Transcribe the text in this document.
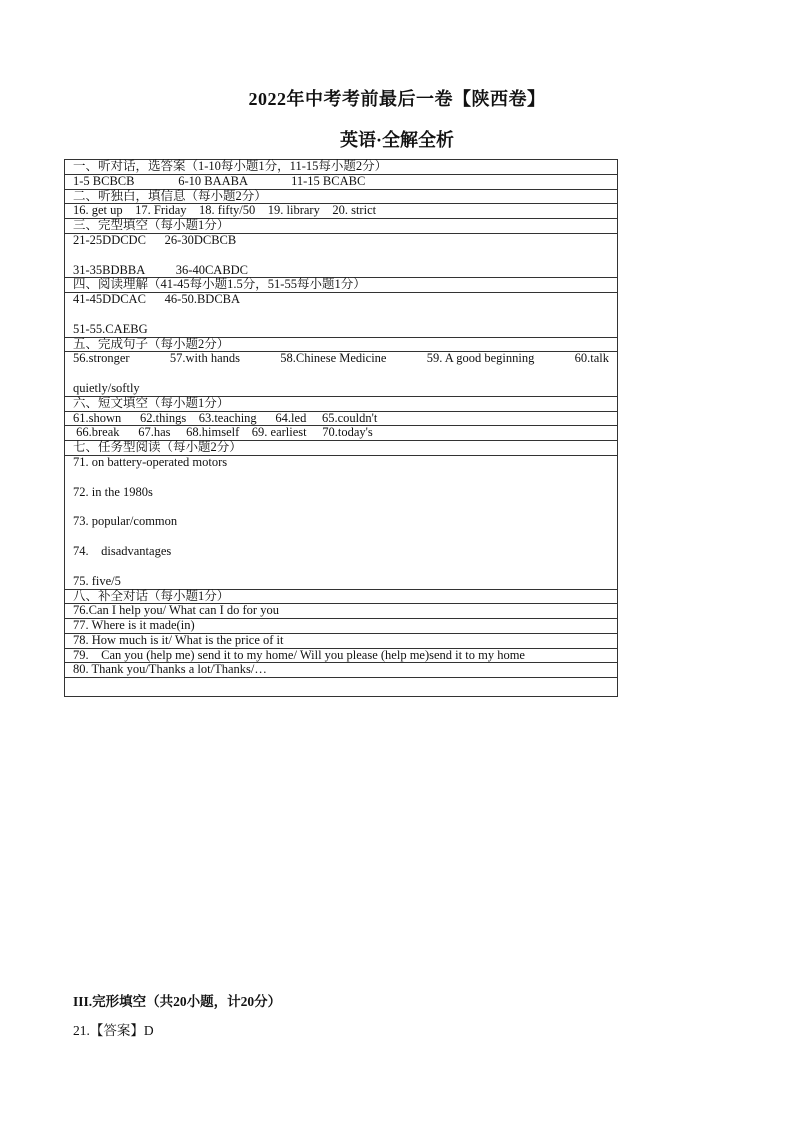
2022年中考考前最后一卷【陕西卷】
英语·全解全析
一、听对话，选答案（1-10每小题1分，11-15每小题2分）

1-5 BCBCB              6-10 BAABA              11-15 BCABC

二、听独白，填信息（每小题2分）

16. get up    17. Friday    18. fifty/50    19. library    20. strict

三、完型填空（每小题1分）

21-25DDCDC      26-30DCBCB
31-35BDBBA          36-40CABDC

四、阅读理解（41-45每小题1.5分，51-55每小题1分）

41-45DDCAC      46-50.BDCBA
51-55.CAEBG

五、完成句子（每小题2分）

56.stronger	57.with hands	58.Chinese Medicine	59. A good beginning	60.talk
quietly/softly

六、短文填空（每小题1分）

61.shown      62.things    63.teaching      64.led     65.couldn't

66.break      67.has     68.himself    69. earliest     70.today's

七、任务型阅读（每小题2分）

71. on battery-operated motors
72. in the 1980s
73. popular/common
74.    disadvantages
75. five/5

八、补全对话（每小题1分）

76.Can I help you/ What can I do for you

77. Where is it made(in)

78. How much is it/ What is the price of it

79.    Can you (help me) send it to my home/ Will you please (help me)send it to my home

80. Thank you/Thanks a lot/Thanks/…

III.完形填空（共20小题，计20分）
21.【答案】D
